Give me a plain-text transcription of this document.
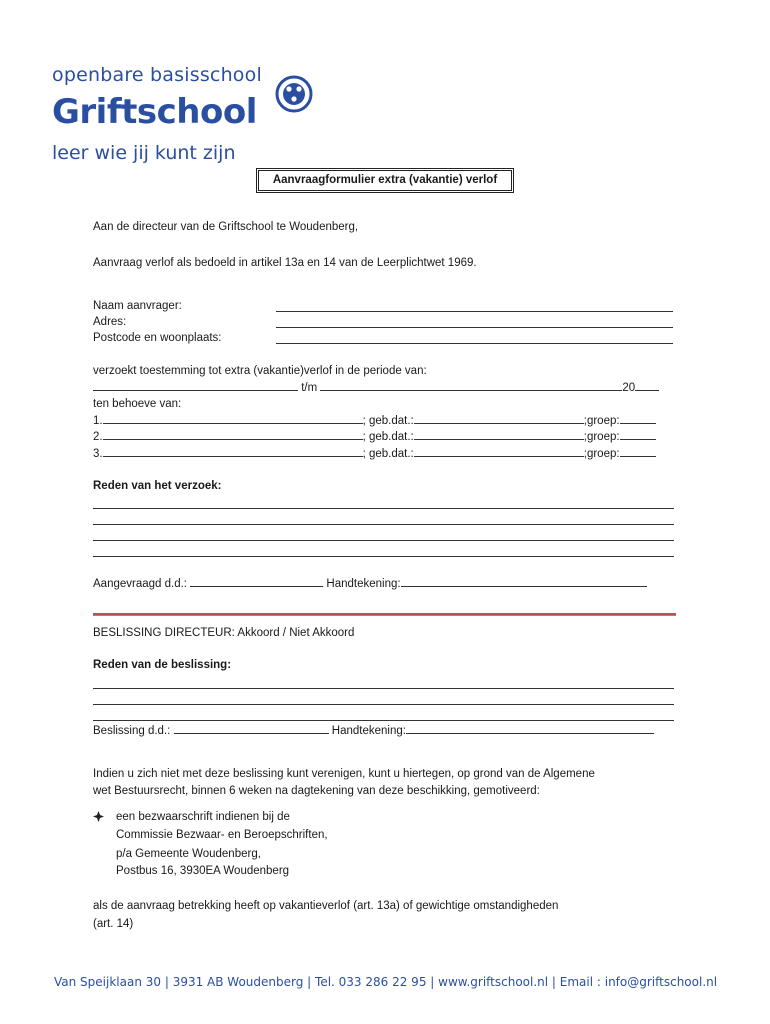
openbare basisschool
Griftschool
leer wie jij kunt zijn
Aanvraagformulier extra (vakantie) verlof
Aan de directeur van de Griftschool te Woudenberg,
Aanvraag verlof als bedoeld in artikel 13a en 14 van de Leerplichtwet 1969.
Naam aanvrager:
Adres:
Postcode en woonplaats:
verzoekt toestemming tot extra (vakantie)verlof in de periode van:
t/m	20
ten behoeve van:
1.	; geb.dat.:	;groep:
2.	; geb.dat.:	;groep:
3.	; geb.dat.:	;groep:
Reden van het verzoek:
Aangevraagd d.d.:	Handtekening:
BESLISSING DIRECTEUR: Akkoord / Niet Akkoord
Reden van de beslissing:
Beslissing d.d.:	Handtekening:
Indien u zich niet met deze beslissing kunt verenigen, kunt u hiertegen, op grond van de Algemene
wet Bestuursrecht, binnen 6 weken na dagtekening van deze beschikking, gemotiveerd:
een bezwaarschrift indienen bij de
Commissie Bezwaar- en Beroepschriften,
p/a Gemeente Woudenberg,
Postbus 16, 3930EA Woudenberg
als de aanvraag betrekking heeft op vakantieverlof (art. 13a) of gewichtige omstandigheden
(art. 14)
Van Speijklaan 30 | 3931 AB Woudenberg | Tel. 033 286 22 95 | www.griftschool.nl | Email : info@griftschool.nl
